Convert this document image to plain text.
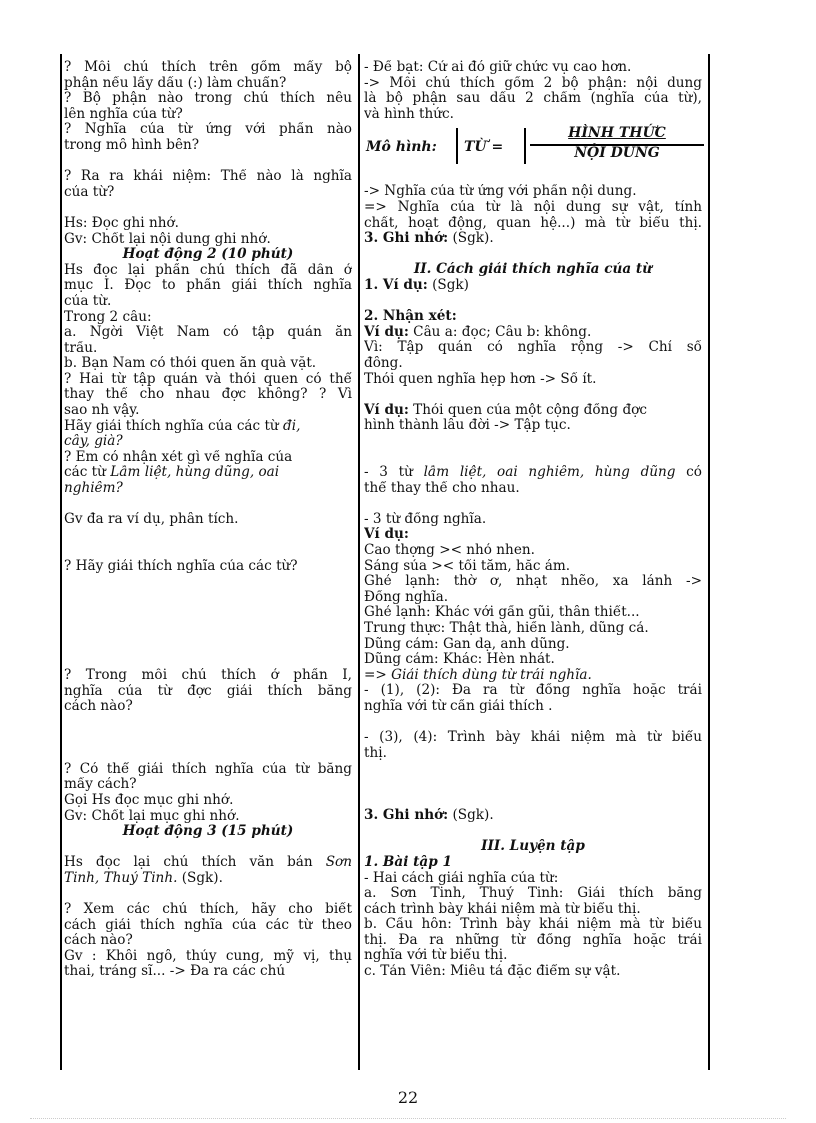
? Mỗi chú thích trên gồm mấy bộ
phận nếu lấy dấu (:) làm chuẩn?
? Bộ phận nào trong chú thích nêu
lên nghĩa của từ?
? Nghĩa của từ ứng với phần nào
trong mô hình bên?
? Ra ra khái niệm: Thế nào là nghĩa
của từ?
Hs: Đọc ghi nhớ.
Gv: Chốt lại nội dung ghi nhớ.
Hoạt động 2 (10 phút)
Hs đọc lại phần chú thích đã dẫn ở
mục I. Đọc to phần giải thích nghĩa
của từ.
Trong 2 câu:
a. Ngời Việt Nam có tập quán ăn
trầu.
b. Bạn Nam có thói quen ăn quà vặt.
? Hai từ tập quán và thói quen có thể
thay thế cho nhau đợc không? ? Vì
sao nh vậy.
Hãy giải thích nghĩa của các từ đi,
cây, già?
? Em có nhận xét gì về nghĩa của
các từ Lẫm liệt, hùng dũng, oai
nghiêm?
Gv đa ra ví dụ, phân tích.
? Hãy giải thích nghĩa của các từ?
? Trong mỗi chú thích ở phần I,
nghĩa của từ đợc giải thích bằng
cách nào?
? Có thể giải thích nghĩa của từ bằng
mấy cách?
Gọi Hs đọc mục ghi nhớ.
Gv: Chốt lại mục ghi nhớ.
Hoạt động 3 (15 phút)
Hs đọc lại chú thích văn bản Sơn
Tinh, Thuỷ Tinh. (Sgk).
? Xem các chú thích, hãy cho biết
cách giải thích nghĩa của các từ theo
cách nào?
Gv : Khôi ngô, thủy cung, mỹ vị, thụ
thai, tráng sĩ... -> Đa ra các chú
- Đề bạt: Cử ai đó giữ chức vụ cao hơn.
-> Mỗi chú thích gồm 2 bộ phận: nội dung
là bộ phận sau dấu 2 chấm (nghĩa của từ),
và hình thức.
Mô hình: TỪ =
HÌNH THỨC
NỘI DUNG
-> Nghĩa của từ ứng với phần nội dung.
=> Nghĩa của từ là nội dung sự vật, tính
chất, hoạt động, quan hệ...) mà từ biểu thị.
3. Ghi nhớ: (Sgk).
II. Cách giải thích nghĩa của từ
1. Ví dụ: (Sgk)
2. Nhận xét:
Ví dụ: Câu a: đọc; Câu b: không.
Vì: Tập quán có nghĩa rộng -> Chỉ số
đông.
Thói quen nghĩa hẹp hơn -> Số ít.
Ví dụ: Thói quen của một cộng đồng đợc
hình thành lâu đời -> Tập tục.
- 3 từ lẫm liệt, oai nghiêm, hùng dũng có
thể thay thế cho nhau.
- 3 từ đồng nghĩa.
Ví dụ:
Cao thợng >< nhỏ nhen.
Sáng sủa >< tối tăm, hắc ám.
Ghẻ lạnh: thờ ơ, nhạt nhẽo, xa lánh ->
Đồng nghĩa.
Ghẻ lạnh: Khác với gần gũi, thân thiết...
Trung thực: Thật thà, hiền lành, dũng cả.
Dũng cảm: Gan dạ, anh dũng.
Dũng cảm: Khác: Hèn nhát.
=> Giải thích dùng từ trái nghĩa.
- (1), (2): Đa ra từ đồng nghĩa hoặc trái
nghĩa với từ cần giải thích .
- (3), (4): Trình bày khái niệm mà từ biểu
thị.
3. Ghi nhớ: (Sgk).
III. Luyện tập
1. Bài tập 1
- Hai cách giải nghĩa của từ:
a. Sơn Tinh, Thuỷ Tinh: Giải thích bằng
cách trình bày khái niệm mà từ biểu thị.
b. Cầu hôn: Trình bày khái niệm mà từ biểu
thị. Đa ra những từ đồng nghĩa hoặc trái
nghĩa với từ biểu thị.
c. Tản Viên: Miêu tả đặc điểm sự vật.
22
